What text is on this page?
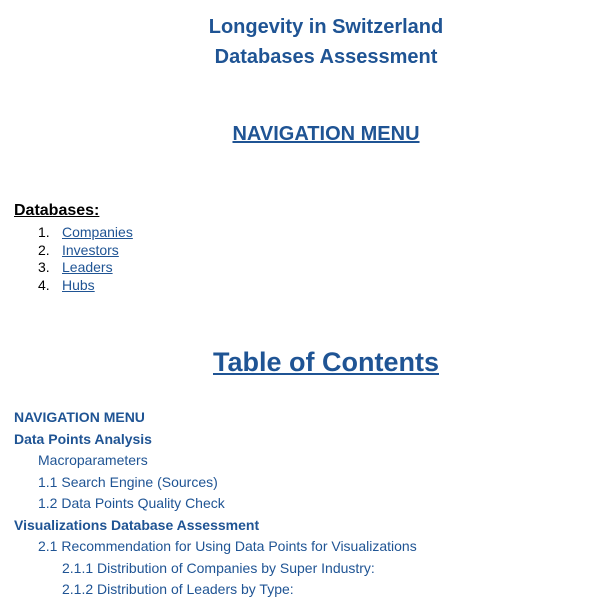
Longevity in Switzerland
Databases Assessment
NAVIGATION MENU
Databases:
1. Companies
2. Investors
3. Leaders
4. Hubs
Table of Contents
NAVIGATION MENU
Data Points Analysis
Macroparameters
1.1 Search Engine (Sources)
1.2 Data Points Quality Check
Visualizations Database Assessment
2.1 Recommendation for Using Data Points for Visualizations
2.1.1 Distribution of Companies by Super Industry:
2.1.2 Distribution of Leaders by Type:
